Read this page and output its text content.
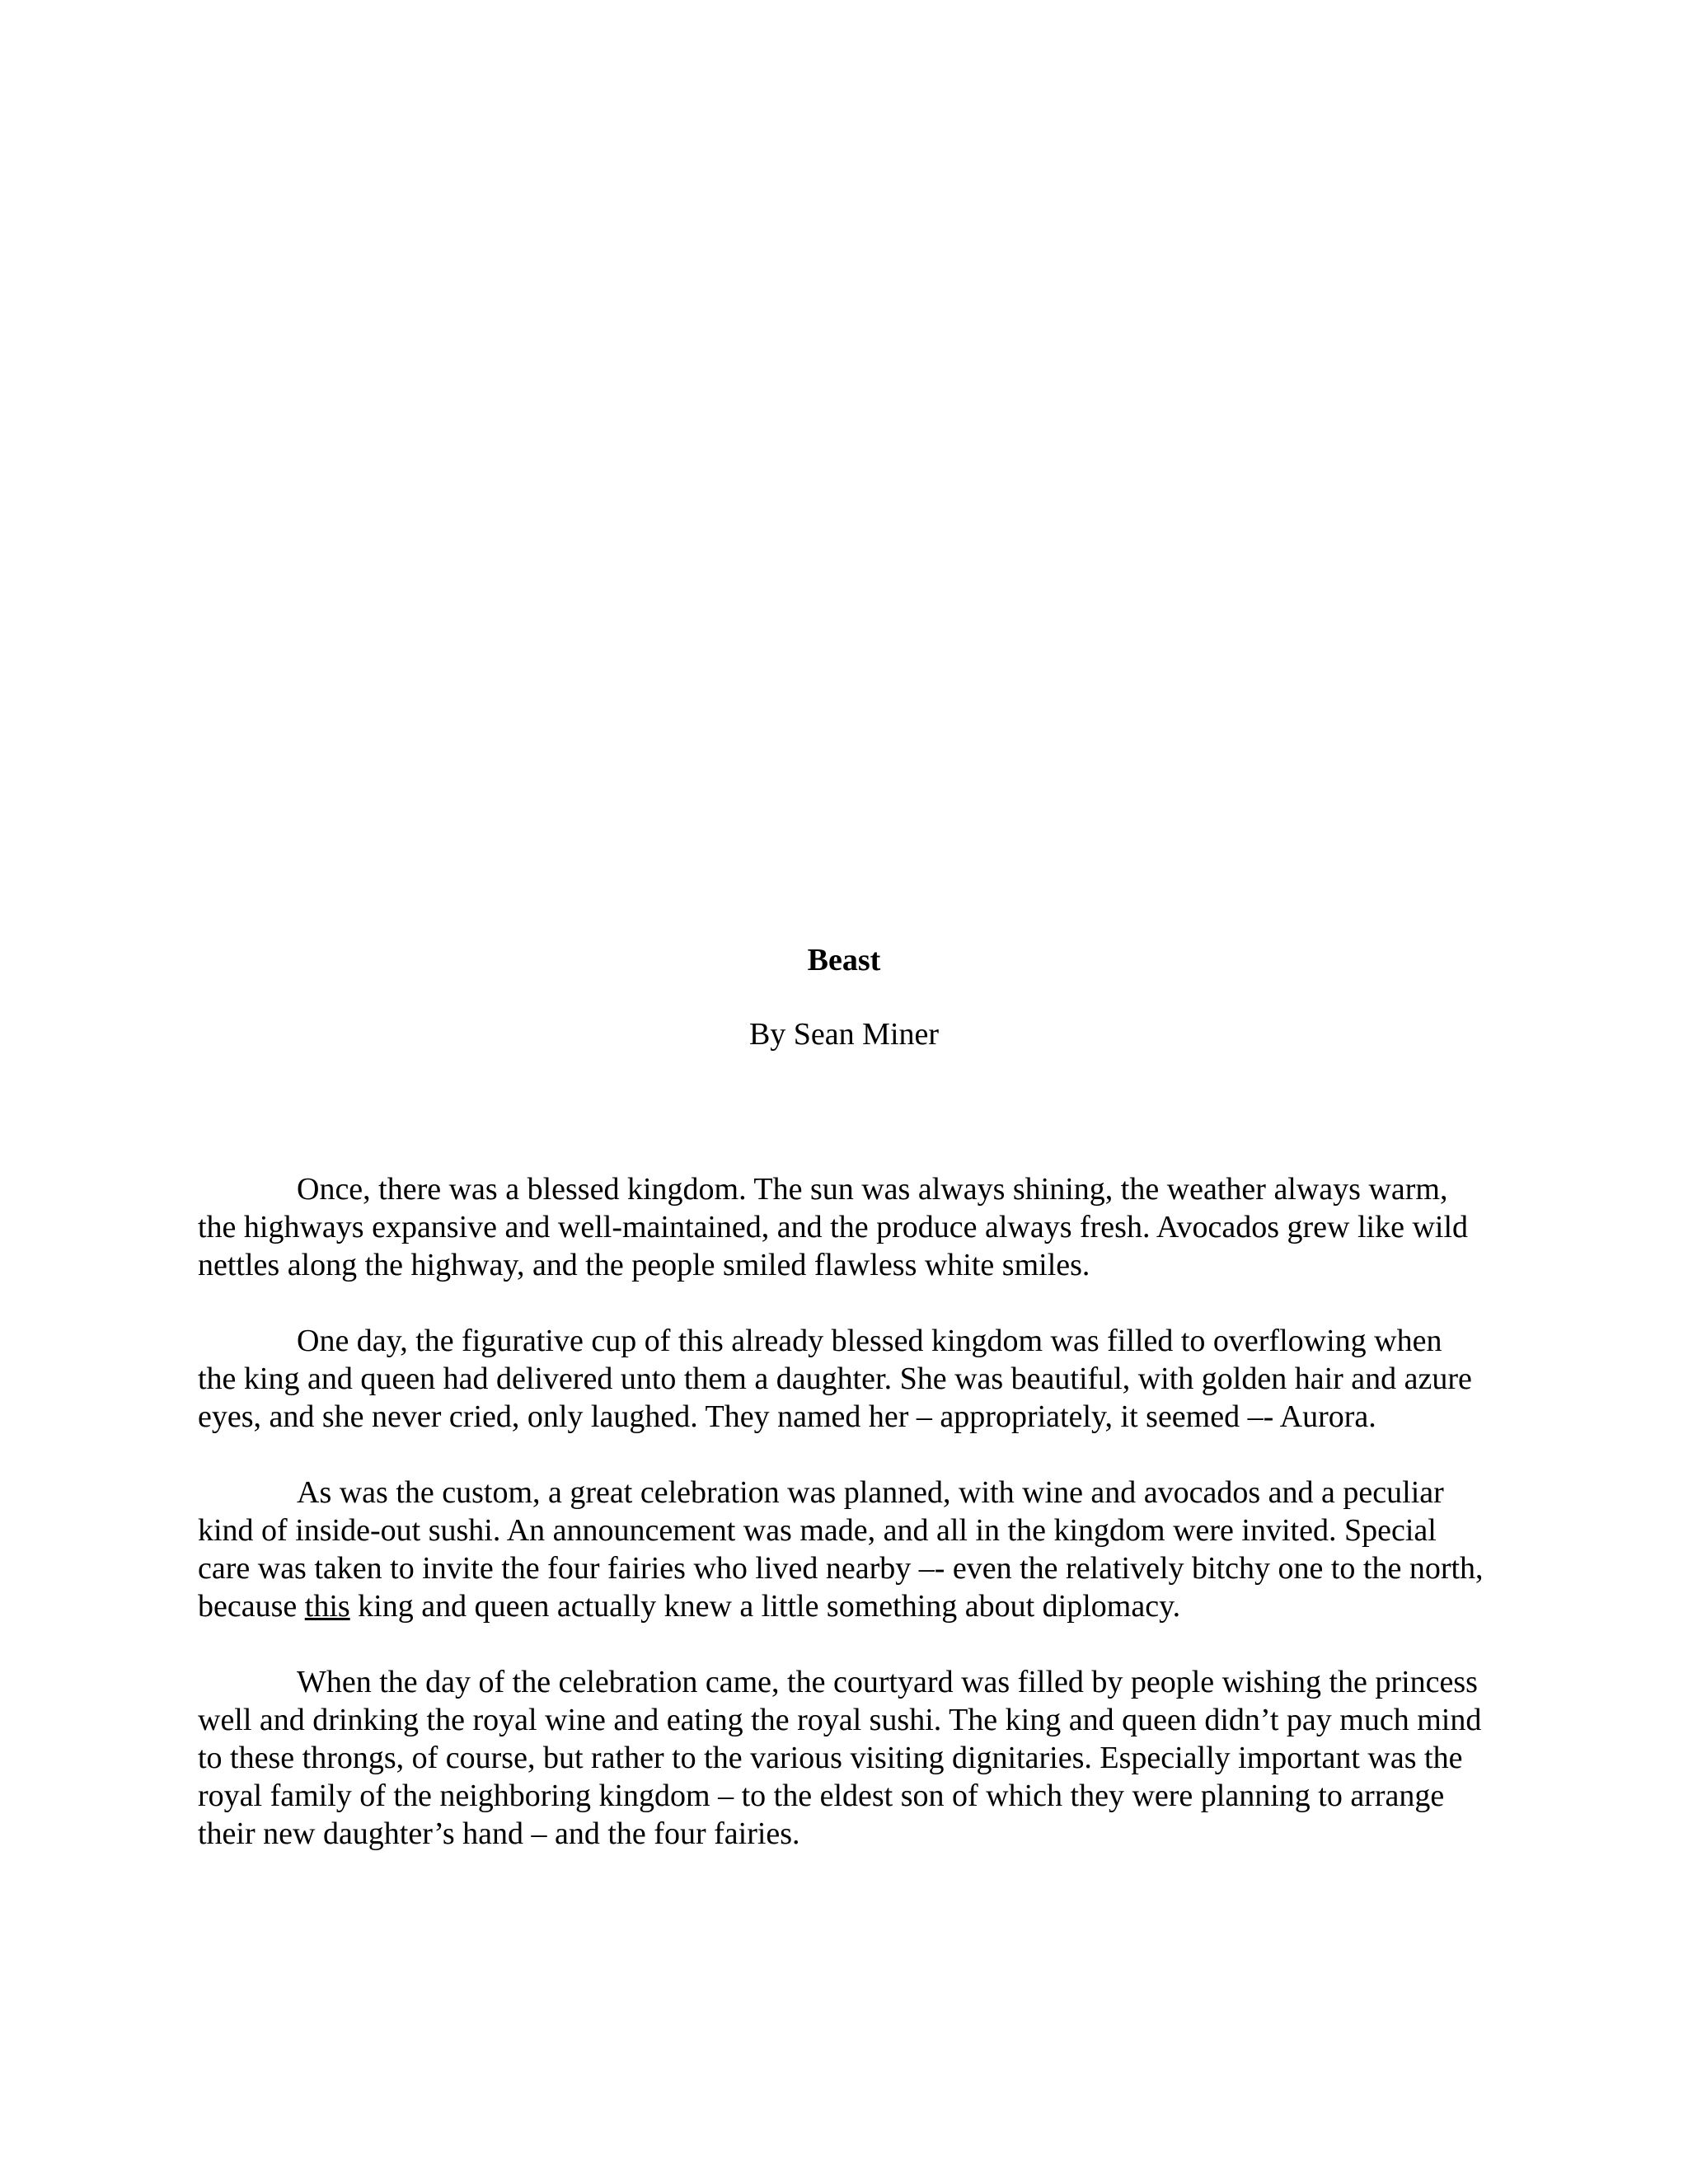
Beast
By Sean Miner

Once, there was a blessed kingdom. The sun was always shining, the weather always warm, the highways expansive and well-maintained, and the produce always fresh. Avocados grew like wild nettles along the highway, and the people smiled flawless white smiles.

One day, the figurative cup of this already blessed kingdom was filled to overflowing when the king and queen had delivered unto them a daughter. She was beautiful, with golden hair and azure eyes, and she never cried, only laughed. They named her – appropriately, it seemed –- Aurora.

As was the custom, a great celebration was planned, with wine and avocados and a peculiar kind of inside-out sushi. An announcement was made, and all in the kingdom were invited. Special care was taken to invite the four fairies who lived nearby –- even the relatively bitchy one to the north, because this king and queen actually knew a little something about diplomacy.

When the day of the celebration came, the courtyard was filled by people wishing the princess well and drinking the royal wine and eating the royal sushi. The king and queen didn’t pay much mind to these throngs, of course, but rather to the various visiting dignitaries. Especially important was the royal family of the neighboring kingdom – to the eldest son of which they were planning to arrange their new daughter’s hand – and the four fairies.
